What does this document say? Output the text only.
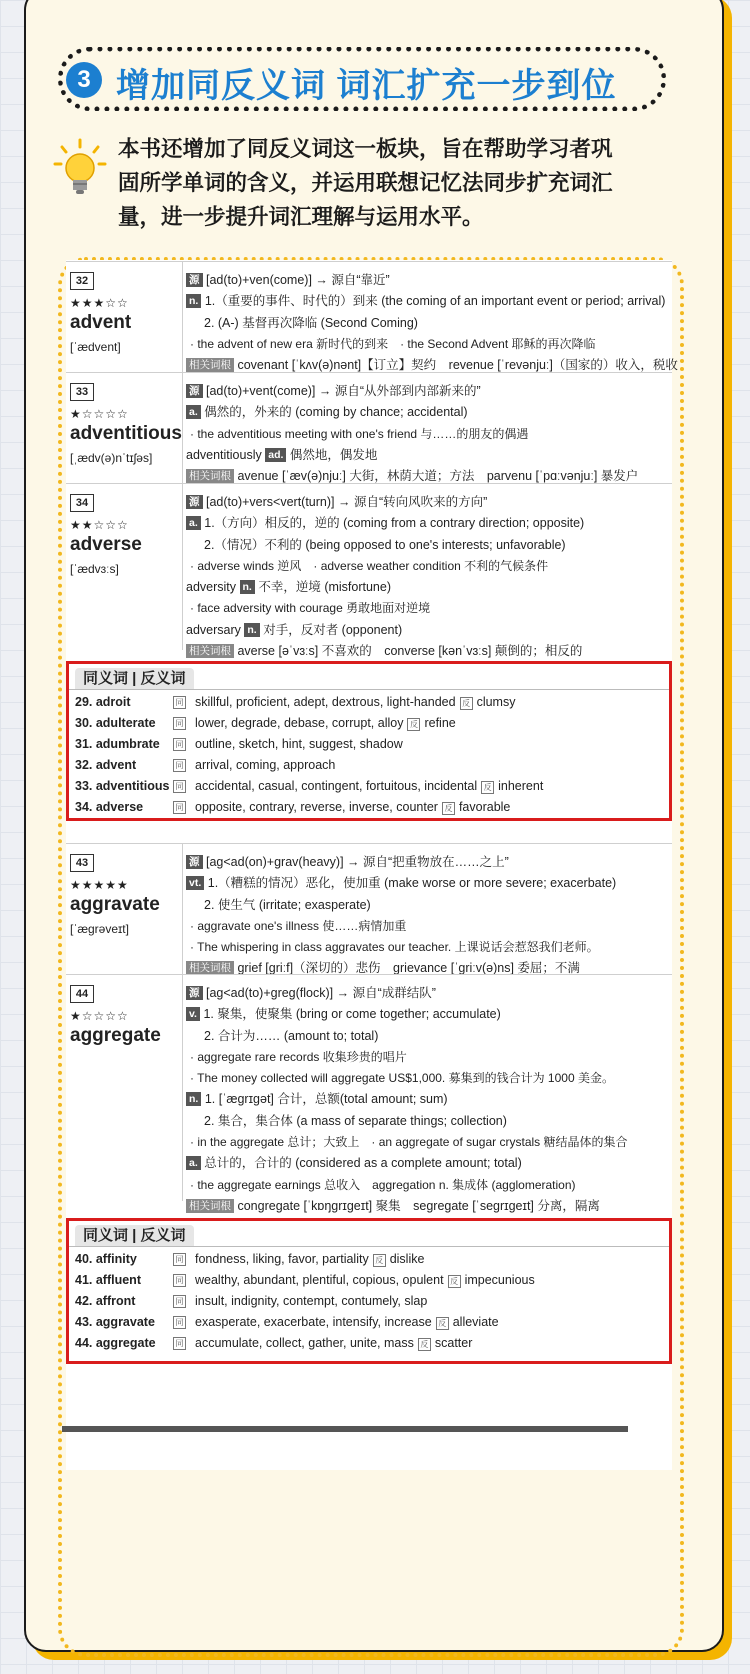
3 增加同反义词 词汇扩充一步到位
本书还增加了同反义词这一板块，旨在帮助学习者巩
固所学单词的含义，并运用联想记忆法同步扩充词汇
量，进一步提升词汇理解与运用水平。
32
★★★☆☆
advent
[ˈædvent]
源 [ad(to)+ven(come)] → 源自“靠近”
n. 1.（重要的事件、时代的）到来 (the coming of an important event or period; arrival)
2. (A-) 基督再次降临 (Second Coming)
· the advent of new era 新时代的到来　· the Second Advent 耶稣的再次降临
相关词根 covenant [ˈkʌv(ə)nənt]【订立】契约　revenue [ˈrevənjuː]（国家的）收入，税收
33
★☆☆☆☆
adventitious
[ˌædv(ə)nˈtɪʃəs]
源 [ad(to)+vent(come)] → 源自“从外部到内部新来的”
a. 偶然的，外来的 (coming by chance; accidental)
· the adventitious meeting with one's friend 与……的朋友的偶遇
adventitiously ad. 偶然地，偶发地
相关词根 avenue [ˈæv(ə)njuː] 大街，林荫大道；方法　parvenu [ˈpɑːvənjuː] 暴发户
34
★★☆☆☆
adverse
[ˈædvɜːs]
源 [ad(to)+vers<vert(turn)] → 源自“转向风吹来的方向”
a. 1.（方向）相反的，逆的 (coming from a contrary direction; opposite)
2.（情况）不利的 (being opposed to one's interests; unfavorable)
· adverse winds 逆风　· adverse weather condition 不利的气候条件
adversity n. 不幸，逆境 (misfortune)
· face adversity with courage 勇敢地面对逆境
adversary n. 对手，反对者 (opponent)
相关词根 averse [əˈvɜːs] 不喜欢的　converse [kənˈvɜːs] 颠倒的；相反的
同义词 | 反义词
29. adroit	同 skillful, proficient, adept, dextrous, light-handed 反 clumsy
30. adulterate	同 lower, degrade, debase, corrupt, alloy 反 refine
31. adumbrate	同 outline, sketch, hint, suggest, shadow
32. advent	同 arrival, coming, approach
33. adventitious 同 accidental, casual, contingent, fortuitous, incidental 反 inherent
34. adverse	同 opposite, contrary, reverse, inverse, counter 反 favorable
43
★★★★★
aggravate
[ˈæɡrəveɪt]
源 [ag<ad(on)+grav(heavy)] → 源自“把重物放在……之上”
vt. 1.（糟糕的情况）恶化，使加重 (make worse or more severe; exacerbate)
2. 使生气 (irritate; exasperate)
· aggravate one's illness 使……病情加重
· The whispering in class aggravates our teacher. 上课说话会惹怒我们老师。
相关词根 grief [ɡriːf]（深切的）悲伤　grievance [ˈɡriːv(ə)ns] 委屈；不满
44
★☆☆☆☆
aggregate
源 [ag<ad(to)+greg(flock)] → 源自“成群结队”
v. 1. 聚集，使聚集 (bring or come together; accumulate)
2. 合计为…… (amount to; total)
· aggregate rare records 收集珍贵的唱片
· The money collected will aggregate US$1,000. 募集到的钱合计为 1000 美金。
n. 1. [ˈæɡrɪɡət] 合计，总额(total amount; sum)
2. 集合，集合体 (a mass of separate things; collection)
· in the aggregate 总计；大致上　· an aggregate of sugar crystals 糖结晶体的集合
a. 总计的，合计的 (considered as a complete amount; total)
· the aggregate earnings 总收入　aggregation n. 集成体 (agglomeration)
相关词根 congregate [ˈkɒŋɡrɪɡeɪt] 聚集　segregate [ˈseɡrɪɡeɪt] 分离，隔离
同义词 | 反义词
40. affinity	同 fondness, liking, favor, partiality 反 dislike
41. affluent	同 wealthy, abundant, plentiful, copious, opulent 反 impecunious
42. affront	同 insult, indignity, contempt, contumely, slap
43. aggravate	同 exasperate, exacerbate, intensify, increase 反 alleviate
44. aggregate	同 accumulate, collect, gather, unite, mass 反 scatter
